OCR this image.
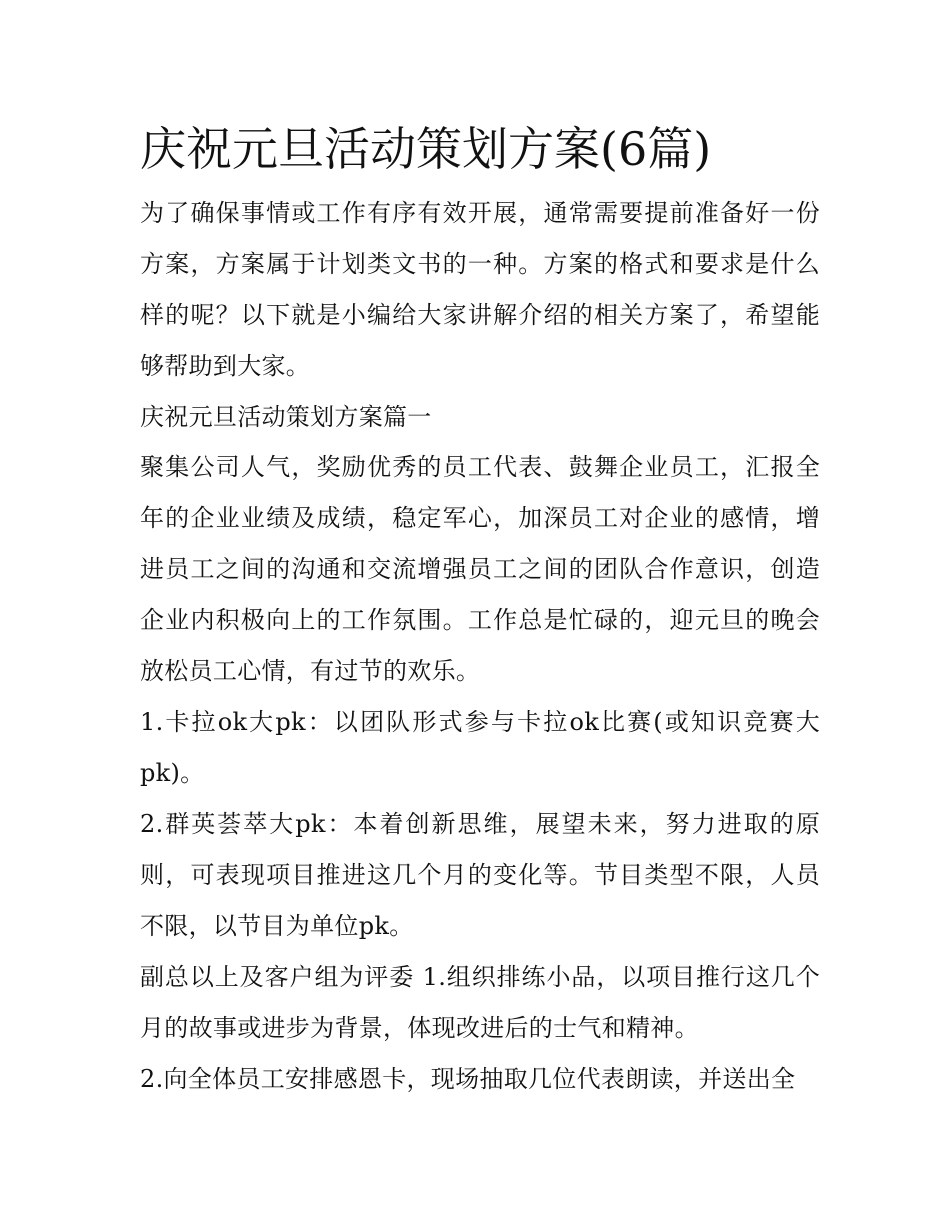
庆祝元旦活动策划方案(6篇)

为了确保事情或工作有序有效开展，通常需要提前准备好一份方案，方案属于计划类文书的一种。方案的格式和要求是什么样的呢？以下就是小编给大家讲解介绍的相关方案了，希望能够帮助到大家。

庆祝元旦活动策划方案篇一

聚集公司人气，奖励优秀的员工代表、鼓舞企业员工，汇报全年的企业业绩及成绩，稳定军心，加深员工对企业的感情，增进员工之间的沟通和交流增强员工之间的团队合作意识，创造企业内积极向上的工作氛围。工作总是忙碌的，迎元旦的晚会放松员工心情，有过节的欢乐。

1.卡拉ok大pk：以团队形式参与卡拉ok比赛(或知识竞赛大pk)。

2.群英荟萃大pk：本着创新思维，展望未来，努力进取的原则，可表现项目推进这几个月的变化等。节目类型不限，人员不限，以节目为单位pk。

副总以上及客户组为评委 1.组织排练小品，以项目推行这几个月的故事或进步为背景，体现改进后的士气和精神。

2.向全体员工安排感恩卡，现场抽取几位代表朗读，并送出全
